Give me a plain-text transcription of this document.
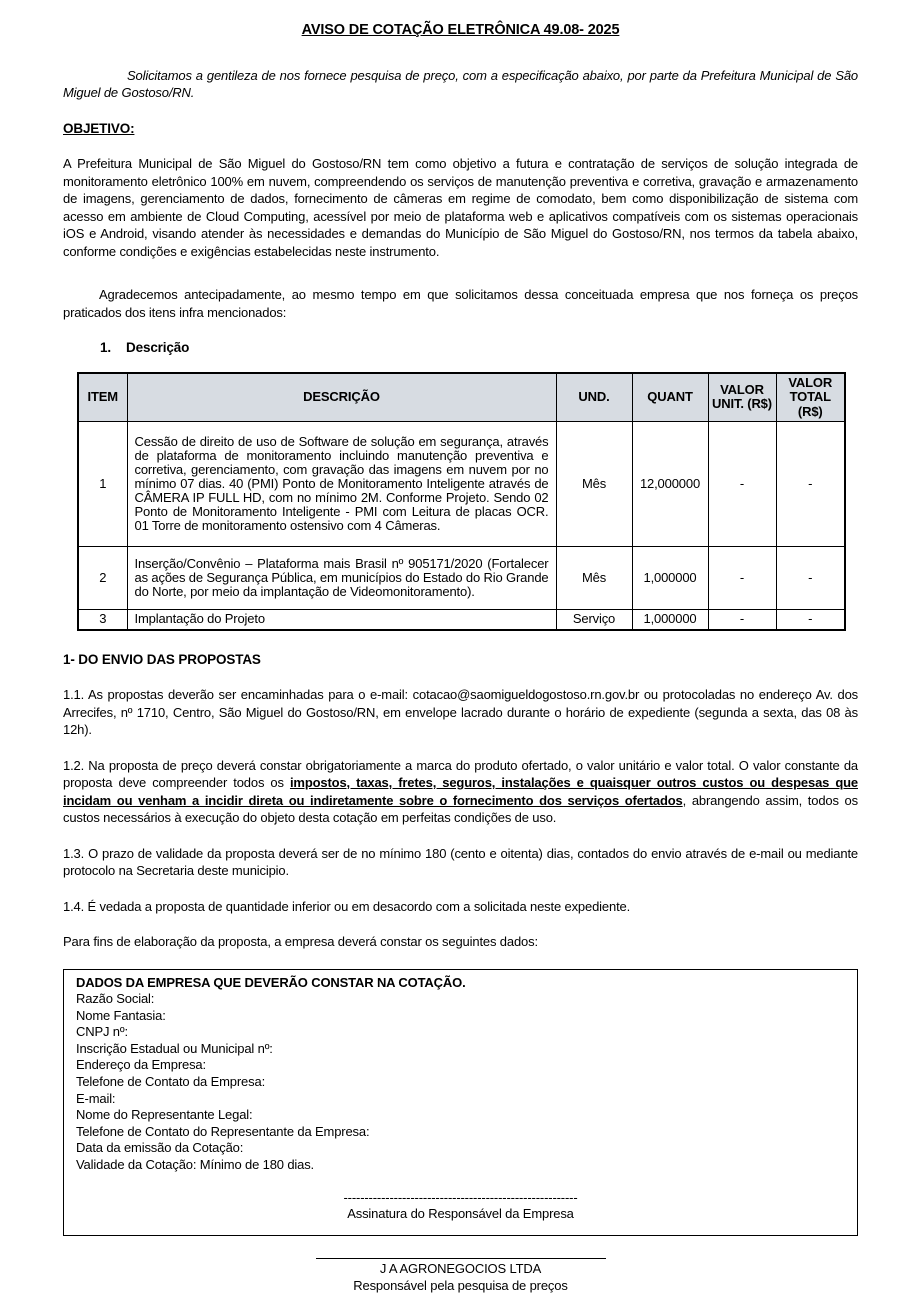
AVISO DE COTAÇÃO ELETRÔNICA 49.08- 2025

Solicitamos a gentileza de nos fornece pesquisa de preço, com a especificação abaixo, por parte da Prefeitura Municipal de São Miguel de Gostoso/RN.

OBJETIVO:

A Prefeitura Municipal de São Miguel do Gostoso/RN tem como objetivo a futura e contratação de serviços de solução integrada de monitoramento eletrônico 100% em nuvem, compreendendo os serviços de manutenção preventiva e corretiva, gravação e armazenamento de imagens, gerenciamento de dados, fornecimento de câmeras em regime de comodato, bem como disponibilização de sistema com acesso em ambiente de Cloud Computing, acessível por meio de plataforma web e aplicativos compatíveis com os sistemas operacionais iOS e Android, visando atender às necessidades e demandas do Município de São Miguel do Gostoso/RN, nos termos da tabela abaixo, conforme condições e exigências estabelecidas neste instrumento.

Agradecemos antecipadamente, ao mesmo tempo em que solicitamos dessa conceituada empresa que nos forneça os preços praticados dos itens infra mencionados:

1. Descrição
ITEM	DESCRIÇÃO	UND.	QUANT	VALOR UNIT. (R$)	VALOR TOTAL (R$)
1	Cessão de direito de uso de Software de solução em segurança, através de plataforma de monitoramento incluindo manutenção preventiva e corretiva, gerenciamento, com gravação das imagens em nuvem por no mínimo 07 dias. 40 (PMI) Ponto de Monitoramento Inteligente através de CÂMERA IP FULL HD, com no mínimo 2M. Conforme Projeto. Sendo 02 Ponto de Monitoramento Inteligente - PMI com Leitura de placas OCR. 01 Torre de monitoramento ostensivo com 4 Câmeras.	Mês	12,000000	-	-
2	Inserção/Convênio – Plataforma mais Brasil nº 905171/2020 (Fortalecer as ações de Segurança Pública, em municípios do Estado do Rio Grande do Norte, por meio da implantação de Videomonitoramento).	Mês	1,000000	-	-
3	Implantação do Projeto	Serviço	1,000000	-	-
1- DO ENVIO DAS PROPOSTAS

1.1. As propostas deverão ser encaminhadas para o e-mail: cotacao@saomigueldogostoso.rn.gov.br ou protocoladas no endereço Av. dos Arrecifes, nº 1710, Centro, São Miguel do Gostoso/RN, em envelope lacrado durante o horário de expediente (segunda a sexta, das 08 às 12h).

1.2. Na proposta de preço deverá constar obrigatoriamente a marca do produto ofertado, o valor unitário e valor total. O valor constante da proposta deve compreender todos os impostos, taxas, fretes, seguros, instalações e quaisquer outros custos ou despesas que incidam ou venham a incidir direta ou indiretamente sobre o fornecimento dos serviços ofertados, abrangendo assim, todos os custos necessários à execução do objeto desta cotação em perfeitas condições de uso.

1.3. O prazo de validade da proposta deverá ser de no mínimo 180 (cento e oitenta) dias, contados do envio através de e-mail ou mediante protocolo na Secretaria deste municipio.

1.4. É vedada a proposta de quantidade inferior ou em desacordo com a solicitada neste expediente.

Para fins de elaboração da proposta, a empresa deverá constar os seguintes dados:

DADOS DA EMPRESA QUE DEVERÃO CONSTAR NA COTAÇÃO.
Razão Social:
Nome Fantasia:
CNPJ nº:
Inscrição Estadual ou Municipal nº:
Endereço da Empresa:
Telefone de Contato da Empresa:
E-mail:
Nome do Representante Legal:
Telefone de Contato do Representante da Empresa:
Data da emissão da Cotação:
Validade da Cotação: Mínimo de 180 dias.
--------------------------------------------------------
Assinatura do Responsável da Empresa
J A AGRONEGOCIOS LTDA
Responsável pela pesquisa de preços
